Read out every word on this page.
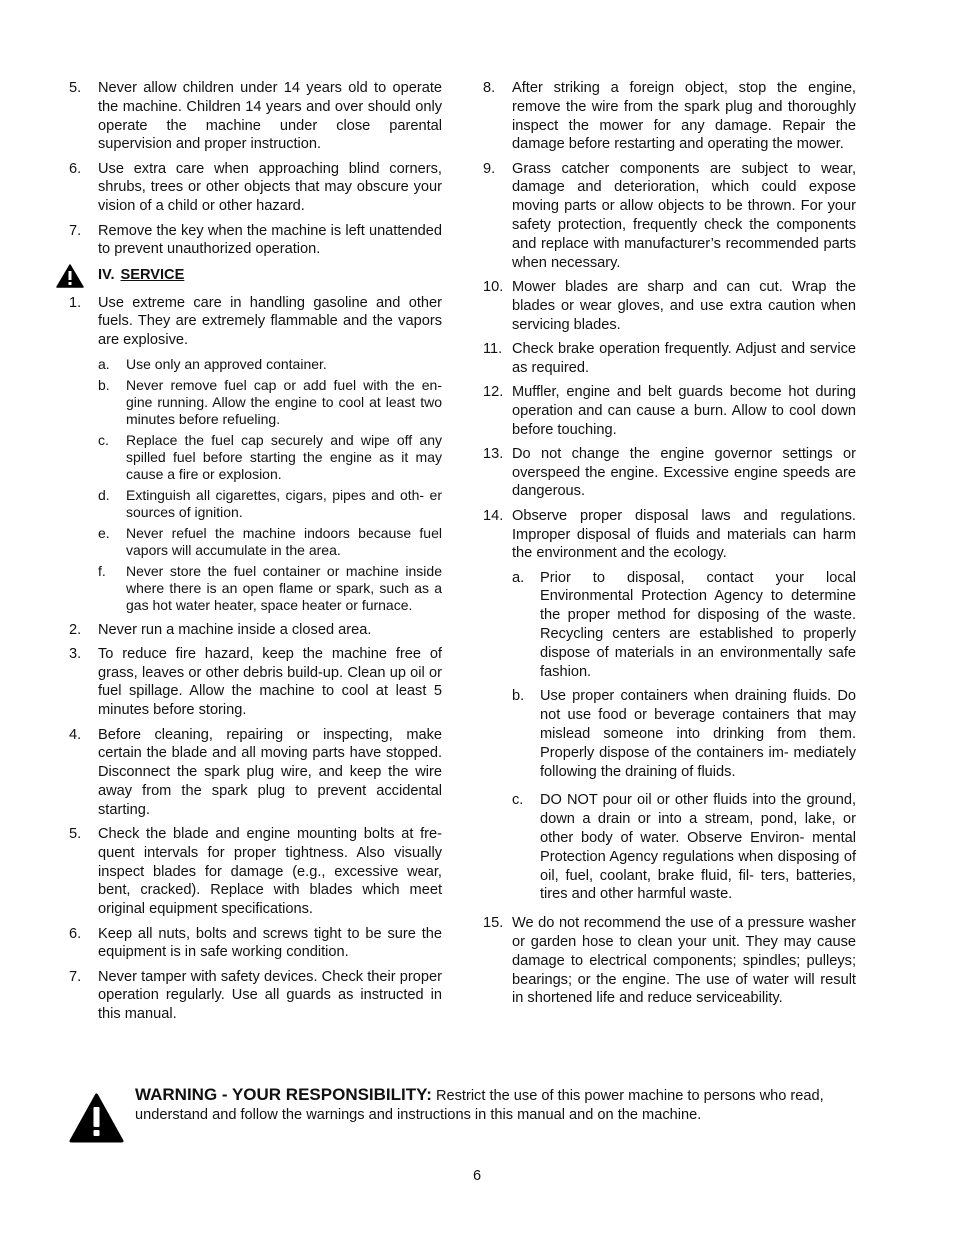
5.	Never allow children under 14 years old to operate the machine. Children 14 years and over should only operate the machine under close parental supervision and proper instruction.
6.	Use extra care when approaching blind corners, shrubs, trees or other objects that may obscure your vision of a child or other hazard.
7.	Remove the key when the machine is left unattended to prevent unauthorized operation.
IV. SERVICE
1.	Use extreme care in handling gasoline and other fuels. They are extremely flammable and the vapors are explosive.
a.	Use only an approved container.
b.	Never remove fuel cap or add fuel with the en- gine running. Allow the engine to cool at least two minutes before refueling.
c.	Replace the fuel cap securely and wipe off any spilled fuel before starting the engine as it may cause a fire or explosion.
d.	Extinguish all cigarettes, cigars, pipes and oth- er sources of ignition.
e.	Never refuel the machine indoors because fuel vapors will accumulate in the area.
f.	Never store the fuel container or machine inside where there is an open flame or spark, such as a gas hot water heater, space heater or furnace.
2.	Never run a machine inside a closed area.
3.	To reduce fire hazard, keep the machine free of grass, leaves or other debris build-up. Clean up oil or fuel spillage. Allow the machine to cool at least 5 minutes before storing.
4.	Before cleaning, repairing or inspecting, make certain the blade and all moving parts have stopped. Disconnect the spark plug wire, and keep the wire away from the spark plug to prevent accidental starting.
5.	Check the blade and engine mounting bolts at fre- quent intervals for proper tightness. Also visually inspect blades for damage (e.g., excessive wear, bent, cracked). Replace with blades which meet original equipment specifications.
6.	Keep all nuts, bolts and screws tight to be sure the equipment is in safe working condition.
7.	Never tamper with safety devices. Check their proper operation regularly. Use all guards as instructed in this manual.
8.	After striking a foreign object, stop the engine, remove the wire from the spark plug and thoroughly inspect the mower for any damage. Repair the damage before restarting and operating the mower.
9.	Grass catcher components are subject to wear, damage and deterioration, which could expose moving parts or allow objects to be thrown. For your safety protection, frequently check the components and replace with manufacturer’s recommended parts when necessary.
10. Mower blades are sharp and can cut. Wrap the blades or wear gloves, and use extra caution when servicing blades.
11. Check brake operation frequently. Adjust and service as required.
12. Muffler, engine and belt guards become hot during operation and can cause a burn. Allow to cool down before touching.
13. Do not change the engine governor settings or overspeed the engine. Excessive engine speeds are dangerous.
14. Observe proper disposal laws and regulations. Improper disposal of fluids and materials can harm the environment and the ecology.
a.	Prior to disposal, contact your local Environmental Protection Agency to determine the proper method for disposing of the waste. Recycling centers are established to properly dispose of materials in an environmentally safe fashion.
b.	Use proper containers when draining fluids. Do not use food or beverage containers that may mislead someone into drinking from them. Properly dispose of the containers im- mediately following the draining of fluids.
c.	DO NOT pour oil or other fluids into the ground, down a drain or into a stream, pond, lake, or other body of water. Observe Environ- mental Protection Agency regulations when disposing of oil, fuel, coolant, brake fluid, fil- ters, batteries, tires and other harmful waste.
15. We do not recommend the use of a pressure washer or garden hose to clean your unit. They may cause damage to electrical components; spindles; pulleys; bearings; or the engine. The use of water will result in shortened life and reduce serviceability.
WARNING - YOUR RESPONSIBILITY: Restrict the use of this power machine to persons who read, understand and follow the warnings and instructions in this manual and on the machine.
6
